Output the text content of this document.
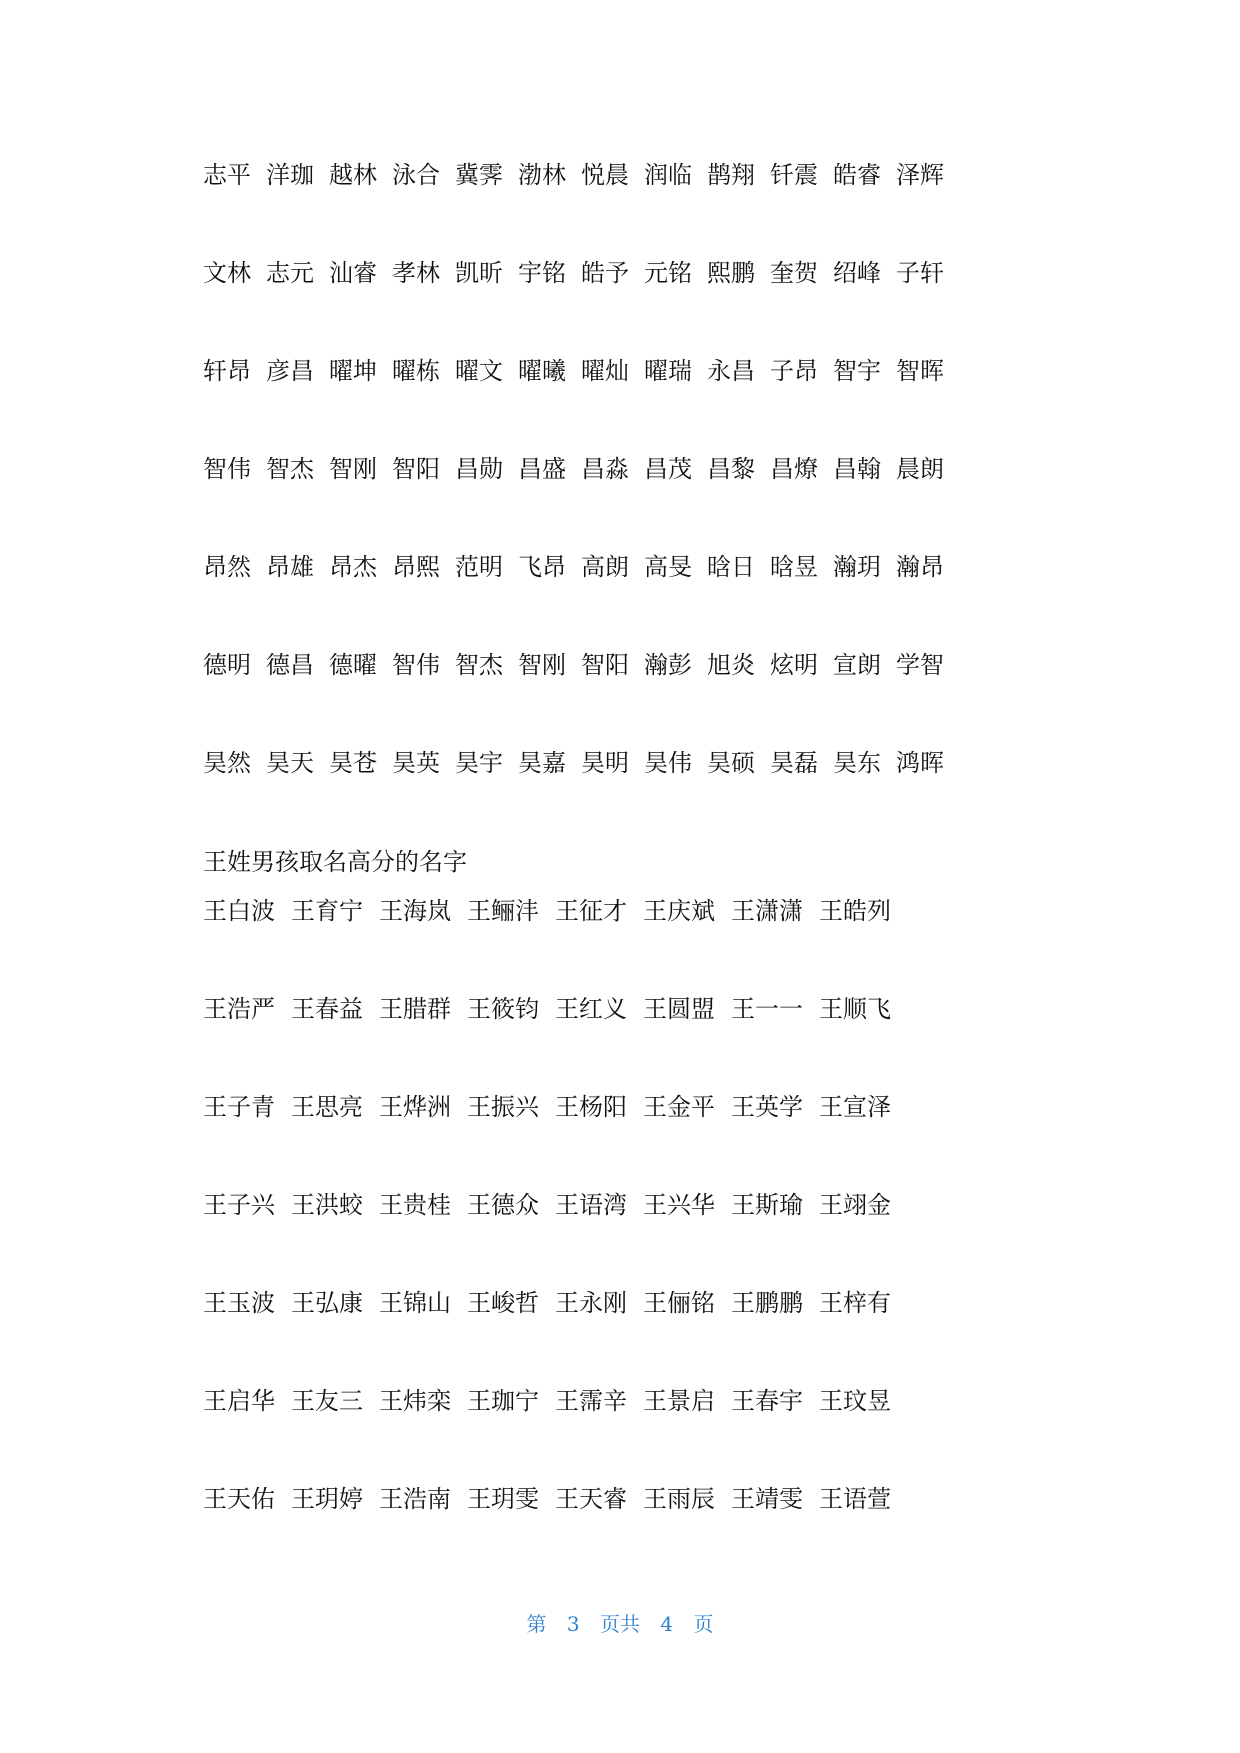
志平 洋珈 越林 泳合 冀霁 渤林 悦晨 润临 鹊翔 钎震 皓睿 泽辉
文林 志元 汕睿 孝林 凯昕 宇铭 皓予 元铭 熙鹏 奎贺 绍峰 子轩
轩昂 彦昌 曜坤 曜栋 曜文 曜曦 曜灿 曜瑞 永昌 子昂 智宇 智晖
智伟 智杰 智刚 智阳 昌勋 昌盛 昌淼 昌茂 昌黎 昌燎 昌翰 晨朗
昂然 昂雄 昂杰 昂熙 范明 飞昂 高朗 高旻 晗日 晗昱 瀚玥 瀚昂
德明 德昌 德曜 智伟 智杰 智刚 智阳 瀚彭 旭炎 炫明 宣朗 学智
昊然 昊天 昊苍 昊英 昊宇 昊嘉 昊明 昊伟 昊硕 昊磊 昊东 鸿晖
王姓男孩取名高分的名字
王白波 王育宁 王海岚 王鲡沣 王征才 王庆斌 王潇潇 王皓列
王浩严 王春益 王腊群 王筱钧 王红义 王圆盟 王一一 王顺飞
王子青 王思亮 王烨洲 王振兴 王杨阳 王金平 王英学 王宣泽
王子兴 王洪蛟 王贵桂 王德众 王语湾 王兴华 王斯瑜 王翊金
王玉波 王弘康 王锦山 王峻哲 王永刚 王俪铭 王鹏鹏 王梓有
王启华 王友三 王炜栾 王珈宁 王霈辛 王景启 王春宇 王玟昱
王天佑 王玥婷 王浩南 王玥雯 王天睿 王雨辰 王靖雯 王语萱
第 3 页共 4 页
